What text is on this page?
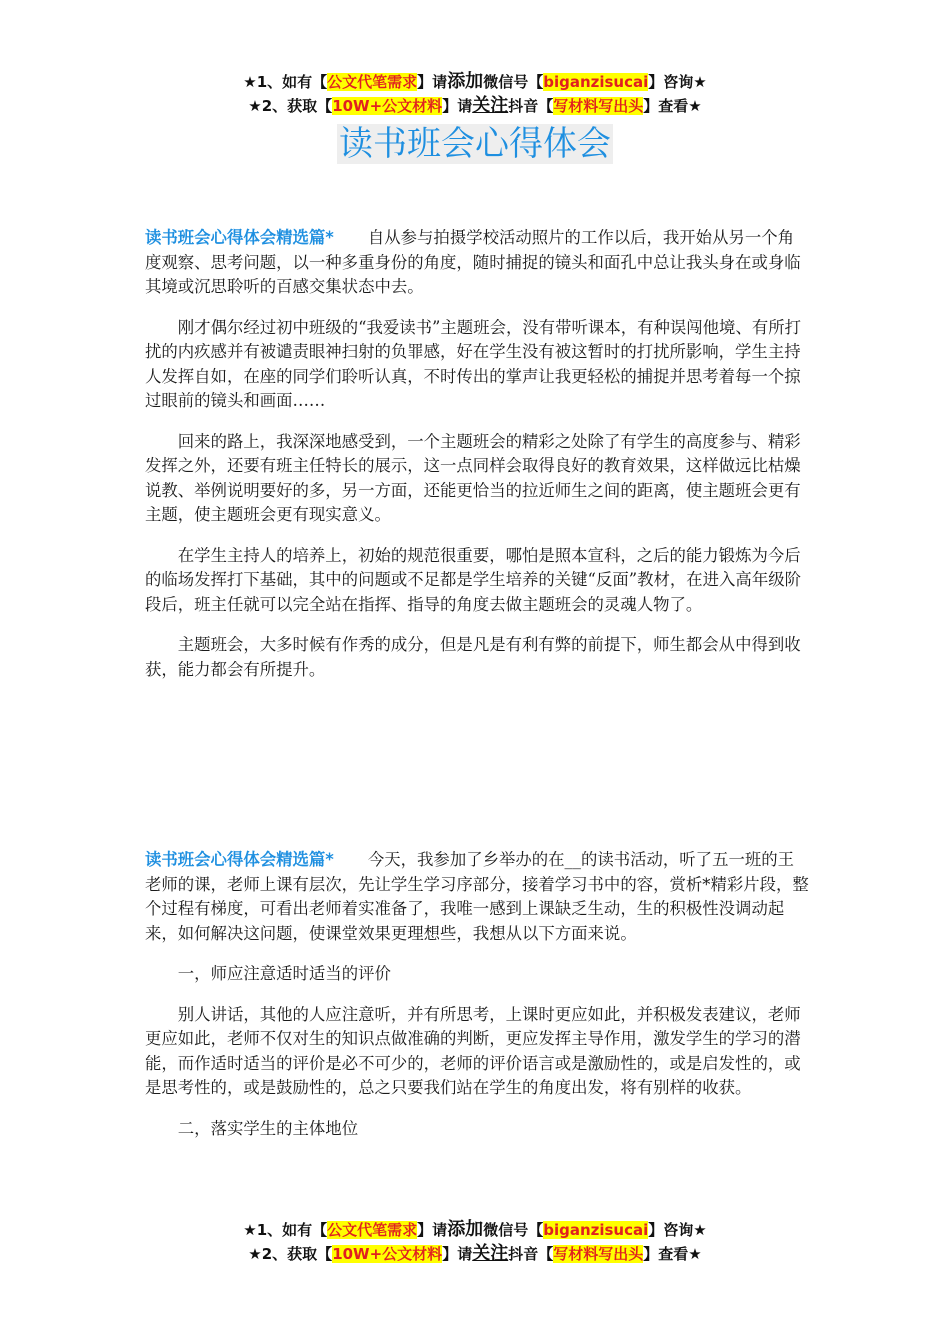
★1、如有【公文代笔需求】请添加微信号【biganzisucai】咨询★
★2、获取【10W+公文材料】请关注抖音【写材料写出头】查看★
读书班会心得体会

读书班会心得体会精选篇* 自从参与拍摄学校活动照片的工作以后，我开始从另一个角度观察、思考问题，以一种多重身份的角度，随时捕捉的镜头和面孔中总让我头身在或身临其境或沉思聆听的百感交集状态中去。

刚才偶尔经过初中班级的“我爱读书”主题班会，没有带听课本，有种误闯他境、有所打扰的内疚感并有被谴责眼神扫射的负罪感，好在学生没有被这暂时的打扰所影响，学生主持人发挥自如，在座的同学们聆听认真，不时传出的掌声让我更轻松的捕捉并思考着每一个掠过眼前的镜头和画面……

回来的路上，我深深地感受到，一个主题班会的精彩之处除了有学生的高度参与、精彩发挥之外，还要有班主任特长的展示，这一点同样会取得良好的教育效果，这样做远比枯燥说教、举例说明要好的多，另一方面，还能更恰当的拉近师生之间的距离，使主题班会更有主题，使主题班会更有现实意义。

在学生主持人的培养上，初始的规范很重要，哪怕是照本宣科，之后的能力锻炼为今后的临场发挥打下基础，其中的问题或不足都是学生培养的关键“反面”教材，在进入高年级阶段后，班主任就可以完全站在指挥、指导的角度去做主题班会的灵魂人物了。

主题班会，大多时候有作秀的成分，但是凡是有利有弊的前提下，师生都会从中得到收获，能力都会有所提升。

读书班会心得体会精选篇* 今天，我参加了乡举办的在__的读书活动，听了五一班的王老师的课，老师上课有层次，先让学生学习序部分，接着学习书中的容，赏析*精彩片段，整个过程有梯度，可看出老师着实准备了，我唯一感到上课缺乏生动，生的积极性没调动起来，如何解决这问题，使课堂效果更理想些，我想从以下方面来说。

一，师应注意适时适当的评价

别人讲话，其他的人应注意听，并有所思考，上课时更应如此，并积极发表建议，老师更应如此，老师不仅对生的知识点做准确的判断，更应发挥主导作用，激发学生的学习的潜能，而作适时适当的评价是必不可少的，老师的评价语言或是激励性的，或是启发性的，或是思考性的，或是鼓励性的，总之只要我们站在学生的角度出发，将有别样的收获。

二，落实学生的主体地位

★1、如有【公文代笔需求】请添加微信号【biganzisucai】咨询★
★2、获取【10W+公文材料】请关注抖音【写材料写出头】查看★
